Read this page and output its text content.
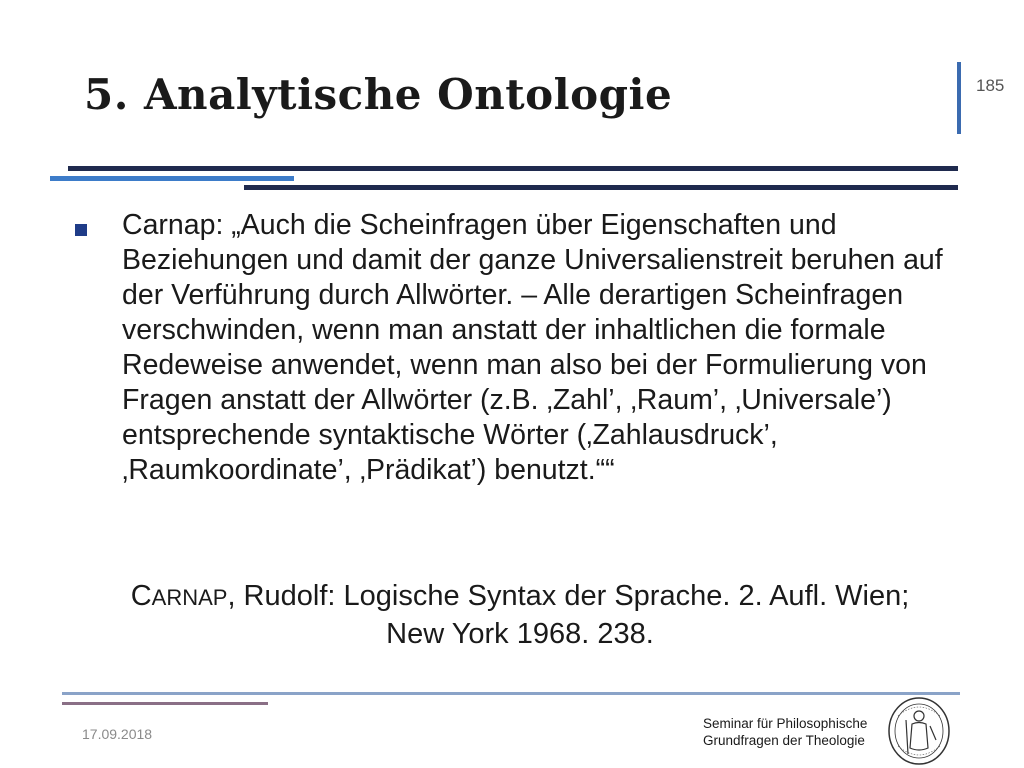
5. Analytische Ontologie	185

Carnap: „Auch die Scheinfragen über Eigenschaften und Beziehungen und damit der ganze Universalienstreit beruhen auf der Verführung durch Allwörter. – Alle derartigen Scheinfragen verschwinden, wenn man anstatt der inhaltlichen die formale Redeweise anwendet, wenn man also bei der Formulierung von Fragen anstatt der Allwörter (z.B. ‚Zahl’, ‚Raum’, ‚Universale’) entsprechende syntaktische Wörter (‚Zahlausdruck’, ‚Raumkoordinate’, ‚Prädikat’) benutzt.““

CARNAP, Rudolf: Logische Syntax der Sprache. 2. Aufl. Wien; New York 1968. 238.

17.09.2018
Seminar für Philosophische
Grundfragen der Theologie
